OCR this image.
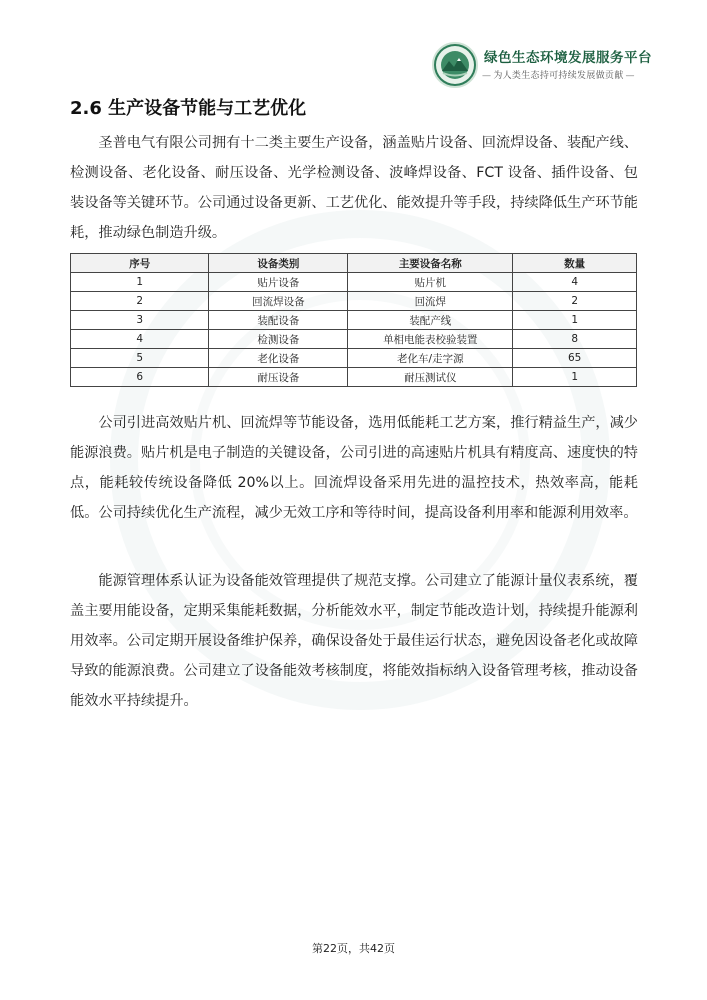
绿色生态环境发展服务平台
— 为人类生态持可持续发展做贡献 —
2.6 生产设备节能与工艺优化

圣普电气有限公司拥有十二类主要生产设备，涵盖贴片设备、回流焊设备、装配产线、检测设备、老化设备、耐压设备、光学检测设备、波峰焊设备、FCT 设备、插件设备、包装设备等关键环节。公司通过设备更新、工艺优化、能效提升等手段，持续降低生产环节能耗，推动绿色制造升级。

序号	设备类别	主要设备名称	数量
1	贴片设备	贴片机	4
2	回流焊设备	回流焊	2
3	装配设备	装配产线	1
4	检测设备	单相电能表校验装置	8
5	老化设备	老化车/走字源	65
6	耐压设备	耐压测试仪	1

公司引进高效贴片机、回流焊等节能设备，选用低能耗工艺方案，推行精益生产，减少能源浪费。贴片机是电子制造的关键设备，公司引进的高速贴片机具有精度高、速度快的特点，能耗较传统设备降低 20%以上。回流焊设备采用先进的温控技术，热效率高，能耗低。公司持续优化生产流程，减少无效工序和等待时间，提高设备利用率和能源利用效率。

能源管理体系认证为设备能效管理提供了规范支撑。公司建立了能源计量仪表系统，覆盖主要用能设备，定期采集能耗数据，分析能效水平，制定节能改造计划，持续提升能源利用效率。公司定期开展设备维护保养，确保设备处于最佳运行状态，避免因设备老化或故障导致的能源浪费。公司建立了设备能效考核制度，将能效指标纳入设备管理考核，推动设备能效水平持续提升。

第22页，共42页
